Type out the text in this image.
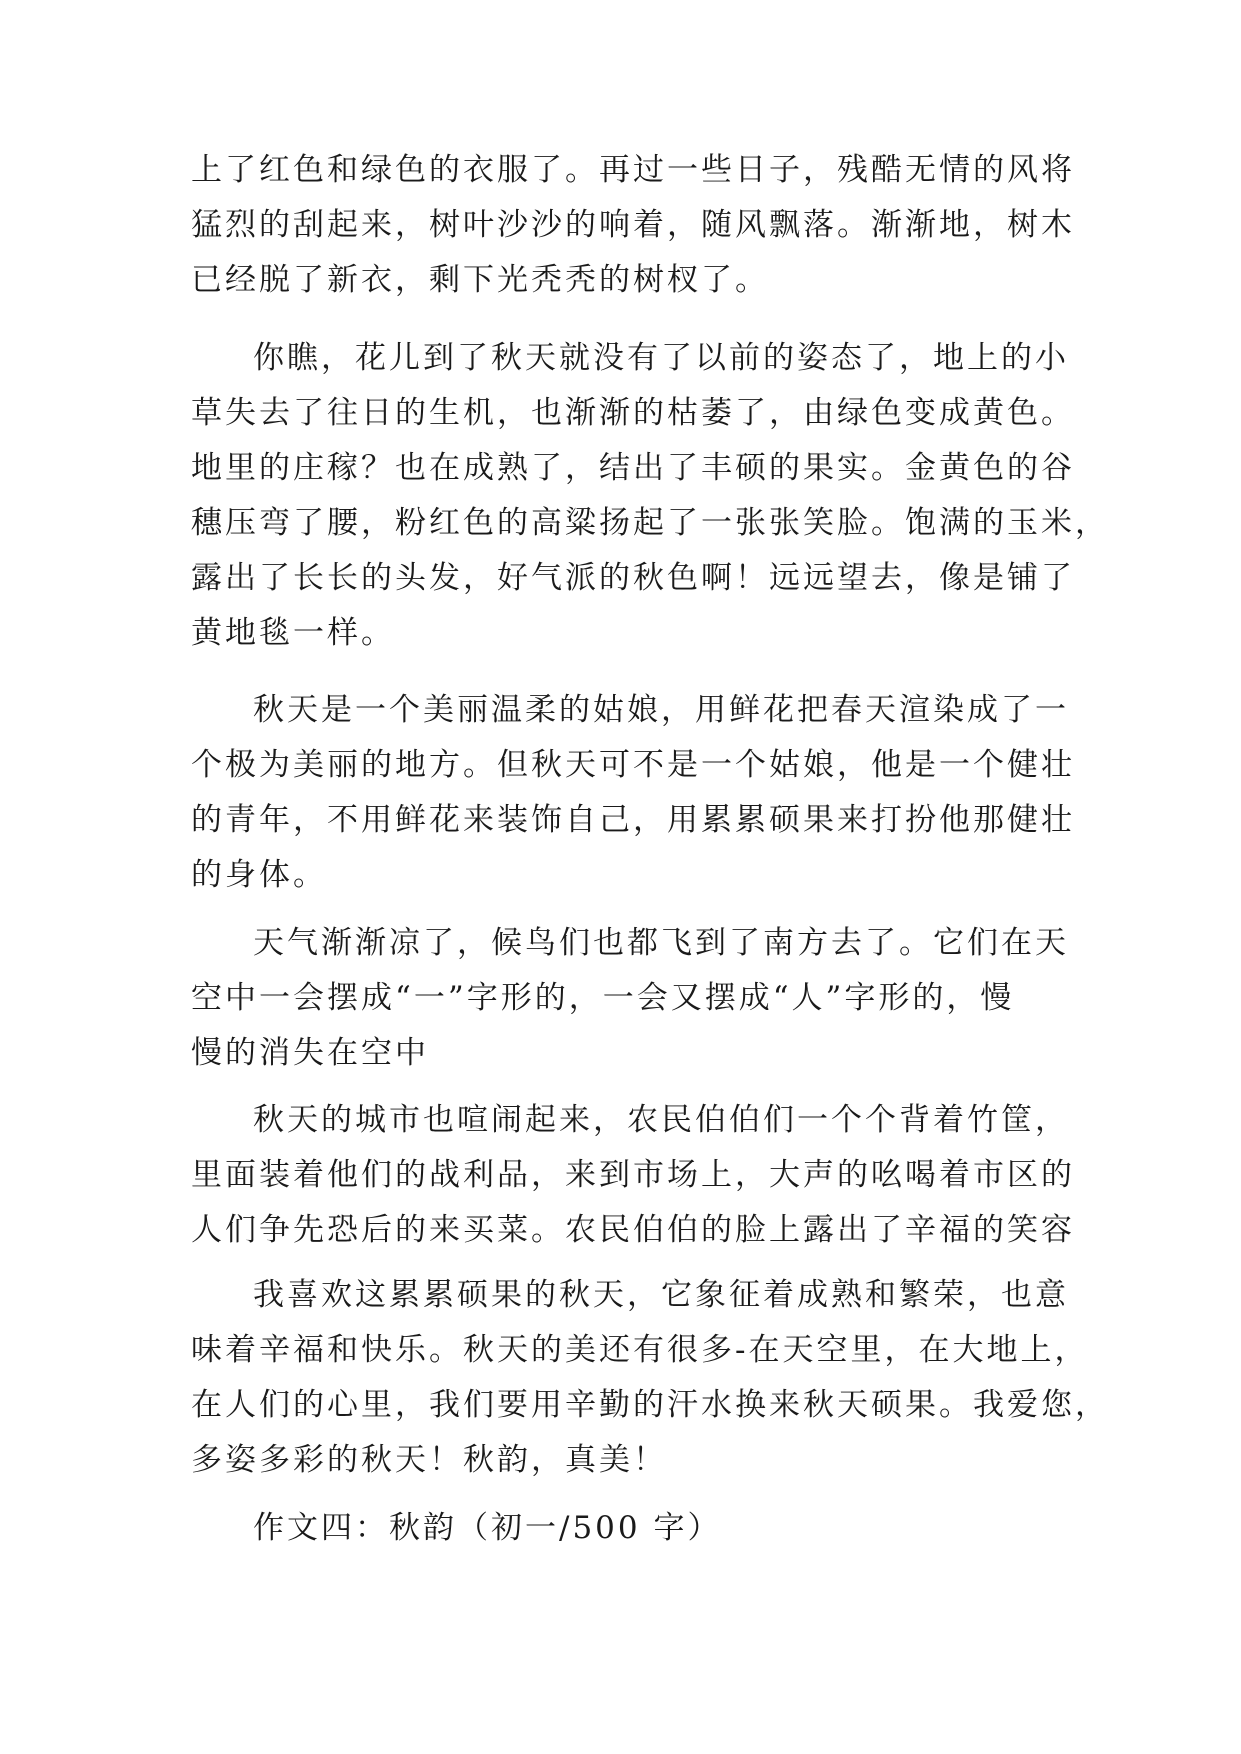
上了红色和绿色的衣服了。再过一些日子，残酷无情的风将
猛烈的刮起来，树叶沙沙的响着，随风飘落。渐渐地，树木
已经脱了新衣，剩下光秃秃的树杈了。
你瞧，花儿到了秋天就没有了以前的姿态了，地上的小
草失去了往日的生机，也渐渐的枯萎了，由绿色变成黄色。
地里的庄稼？也在成熟了，结出了丰硕的果实。金黄色的谷
穗压弯了腰，粉红色的高粱扬起了一张张笑脸。饱满的玉米，
露出了长长的头发，好气派的秋色啊！远远望去，像是铺了
黄地毯一样。
秋天是一个美丽温柔的姑娘，用鲜花把春天渲染成了一
个极为美丽的地方。但秋天可不是一个姑娘，他是一个健壮
的青年，不用鲜花来装饰自己，用累累硕果来打扮他那健壮
的身体。
天气渐渐凉了，候鸟们也都飞到了南方去了。它们在天
空中一会摆成“一”字形的，一会又摆成“人”字形的，慢
慢的消失在空中
秋天的城市也喧闹起来，农民伯伯们一个个背着竹筐，
里面装着他们的战利品，来到市场上，大声的吆喝着市区的
人们争先恐后的来买菜。农民伯伯的脸上露出了辛福的笑容
我喜欢这累累硕果的秋天，它象征着成熟和繁荣，也意
味着辛福和快乐。秋天的美还有很多-在天空里，在大地上，
在人们的心里，我们要用辛勤的汗水换来秋天硕果。我爱您，
多姿多彩的秋天！秋韵，真美！
作文四：秋韵（初一/500 字）
